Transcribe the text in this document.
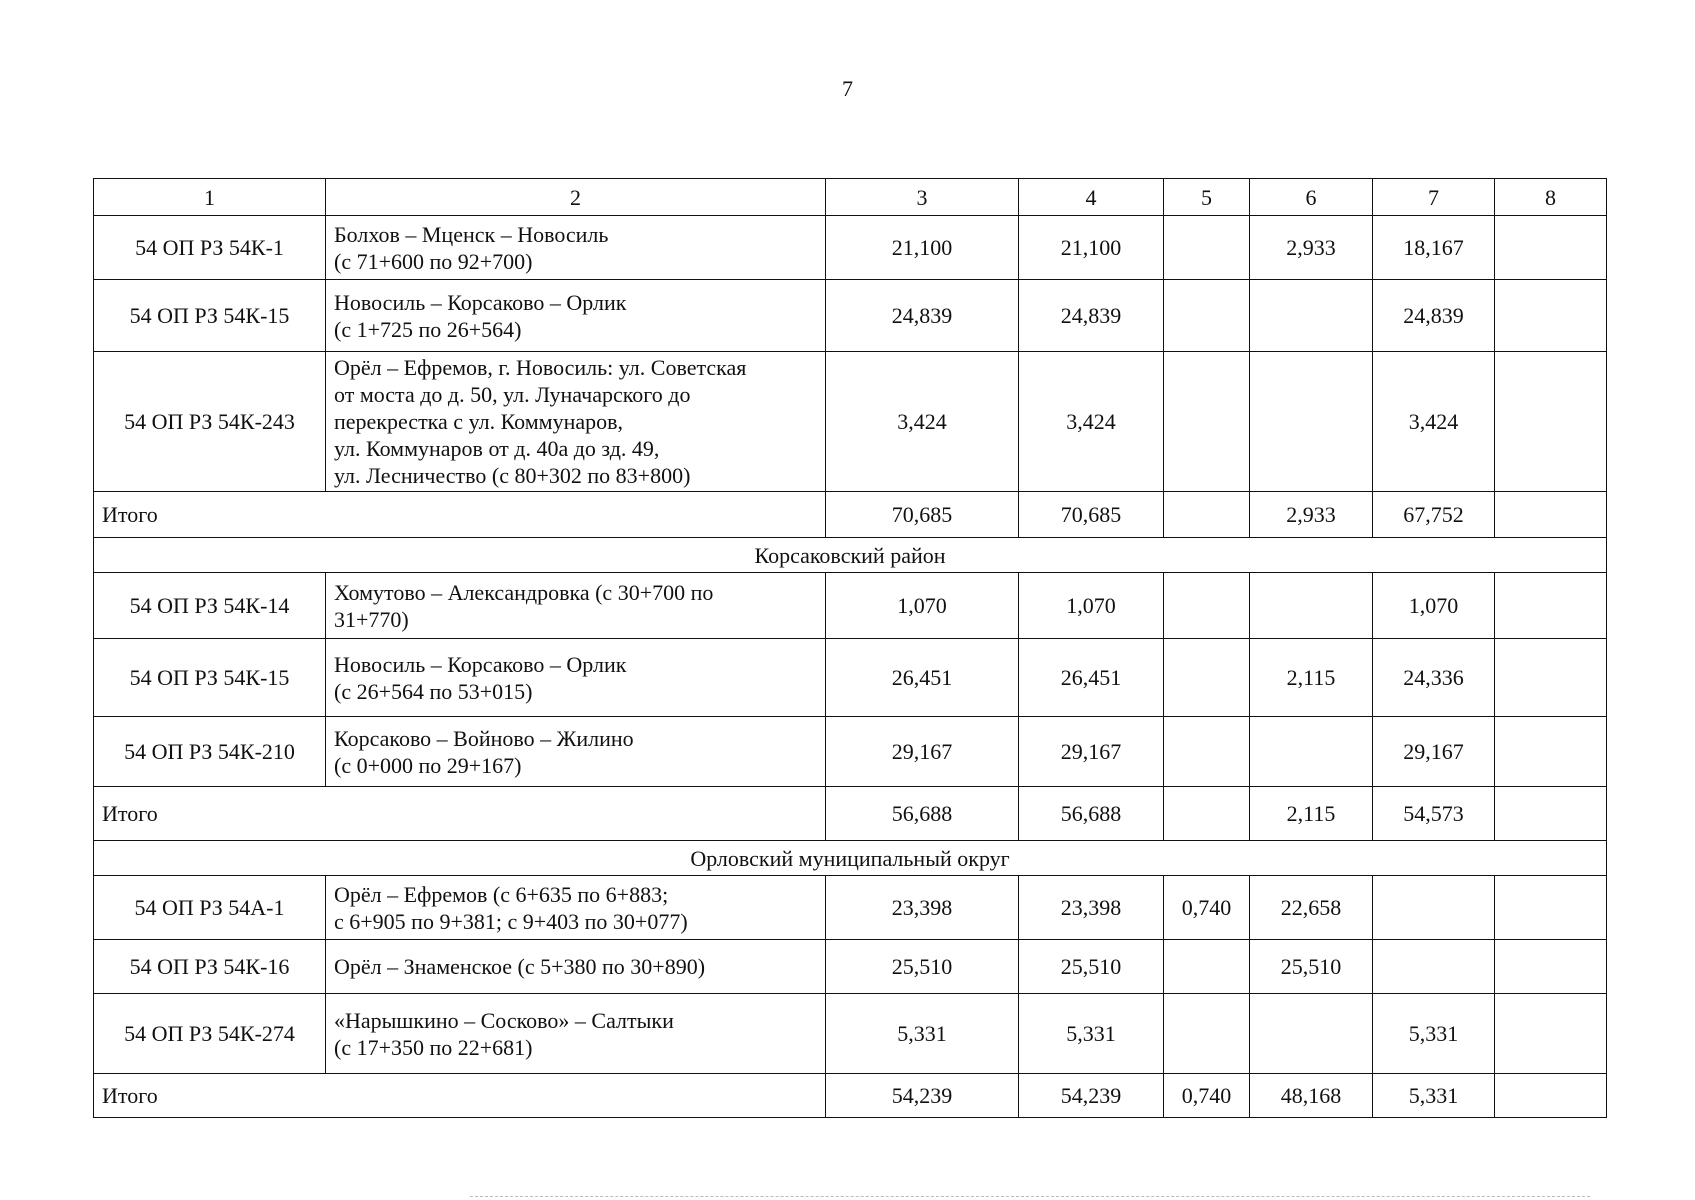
7
1	2	3	4	5	6	7	8
54 ОП РЗ 54К-1	Болхов – Мценск – Новосиль
(с 71+600 по 92+700)	21,100	21,100		2,933	18,167	
54 ОП РЗ 54К-15	Новосиль – Корсаково – Орлик
(с 1+725 по 26+564)	24,839	24,839			24,839	
54 ОП РЗ 54К-243	Орёл – Ефремов, г. Новосиль: ул. Советская
от моста до д. 50, ул. Луначарского до
перекрестка с ул. Коммунаров,
ул. Коммунаров от д. 40а до зд. 49,
ул. Лесничество (с 80+302 по 83+800)	3,424	3,424			3,424	
Итого		70,685	70,685		2,933	67,752	
Корсаковский район							
54 ОП РЗ 54К-14	Хомутово – Александровка (с 30+700 по
31+770)	1,070	1,070			1,070	
54 ОП РЗ 54К-15	Новосиль – Корсаково – Орлик
(с 26+564 по 53+015)	26,451	26,451		2,115	24,336	
54 ОП РЗ 54К-210	Корсаково – Войново – Жилино
(с 0+000 по 29+167)	29,167	29,167			29,167	
Итого		56,688	56,688		2,115	54,573	
Орловский муниципальный округ							
54 ОП РЗ 54А-1	Орёл – Ефремов (с 6+635 по 6+883;
с 6+905 по 9+381; с 9+403 по 30+077)	23,398	23,398	0,740	22,658		
54 ОП РЗ 54К-16	Орёл – Знаменское (с 5+380 по 30+890)	25,510	25,510		25,510		
54 ОП РЗ 54К-274	«Нарышкино – Сосково» – Салтыки
(с 17+350 по 22+681)	5,331	5,331			5,331	
Итого		54,239	54,239	0,740	48,168	5,331	
